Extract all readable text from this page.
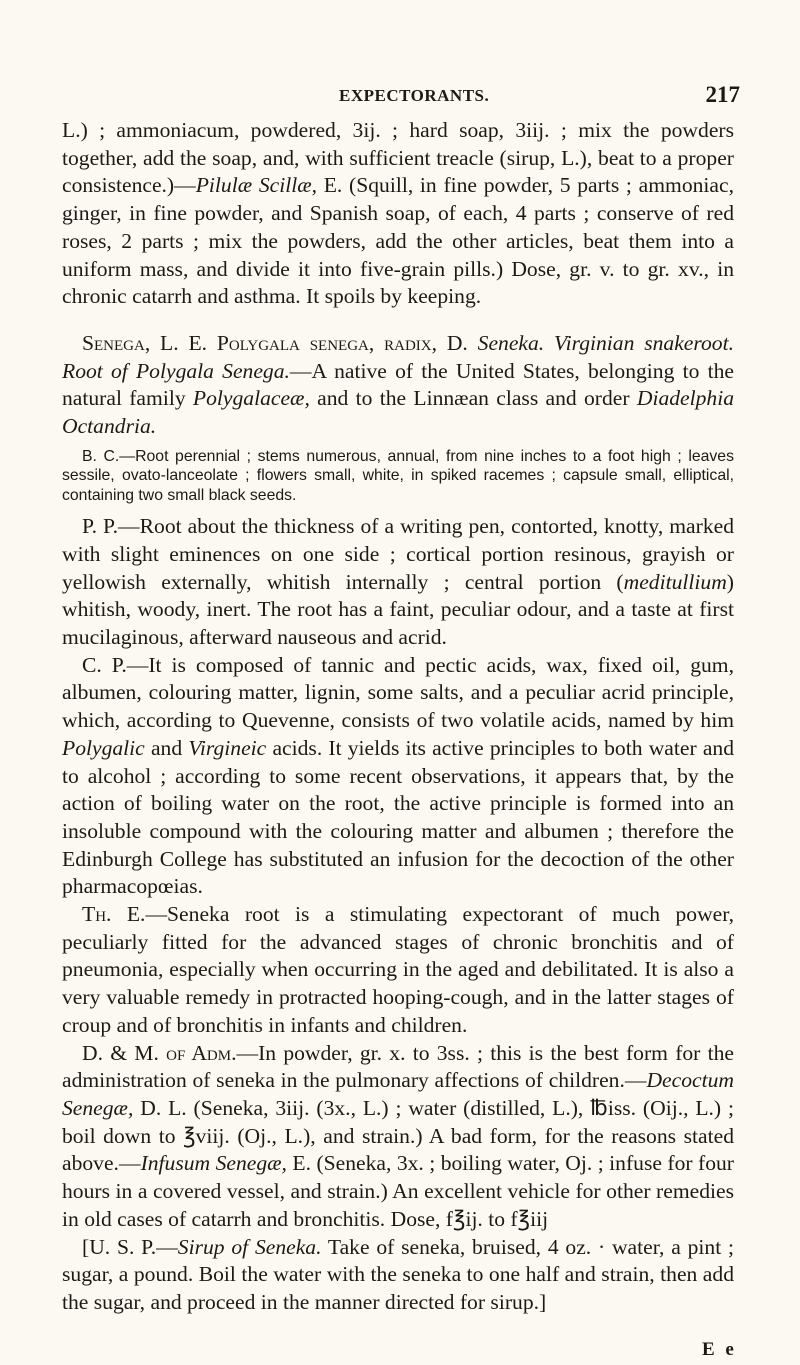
EXPECTORANTS.	217

L.) ; ammoniacum, powdered, 3ij. ; hard soap, 3iij. ; mix the powders together, add the soap, and, with sufficient treacle (sirup, L.), beat to a proper consistence.)—Pilulæ Scillæ, E. (Squill, in fine powder, 5 parts ; ammoniac, ginger, in fine powder, and Spanish soap, of each, 4 parts ; conserve of red roses, 2 parts ; mix the powders, add the other articles, beat them into a uniform mass, and divide it into five-grain pills.) Dose, gr. v. to gr. xv., in chronic catarrh and asthma. It spoils by keeping.

Senega, L. E. Polygala senega, radix, D. Seneka. Virginian snakeroot. Root of Polygala Senega.—A native of the United States, belonging to the natural family Polygalaceæ, and to the Linnæan class and order Diadelphia Octandria.

B. C.—Root perennial ; stems numerous, annual, from nine inches to a foot high ; leaves sessile, ovato-lanceolate ; flowers small, white, in spiked racemes ; capsule small, elliptical, containing two small black seeds.

P. P.—Root about the thickness of a writing pen, contorted, knotty, marked with slight eminences on one side ; cortical portion resinous, grayish or yellowish externally, whitish internally ; central portion (meditullium) whitish, woody, inert. The root has a faint, peculiar odour, and a taste at first mucilaginous, afterward nauseous and acrid.

C. P.—It is composed of tannic and pectic acids, wax, fixed oil, gum, albumen, colouring matter, lignin, some salts, and a peculiar acrid principle, which, according to Quevenne, consists of two volatile acids, named by him Polygalic and Virgineic acids. It yields its active principles to both water and to alcohol ; according to some recent observations, it appears that, by the action of boiling water on the root, the active principle is formed into an insoluble compound with the colouring matter and albumen ; therefore the Edinburgh College has substituted an infusion for the decoction of the other pharmacopœias.

Th. E.—Seneka root is a stimulating expectorant of much power, peculiarly fitted for the advanced stages of chronic bronchitis and of pneumonia, especially when occurring in the aged and debilitated. It is also a very valuable remedy in protracted hooping-cough, and in the latter stages of croup and of bronchitis in infants and children.

D. & M. of Adm.—In powder, gr. x. to 3ss. ; this is the best form for the administration of seneka in the pulmonary affections of children.—Decoctum Senegæ, D. L. (Seneka, 3iij. (3x., L.) ; water (distilled, L.), ℔iss. (Oij., L.) ; boil down to ℥viij. (Oj., L.), and strain.) A bad form, for the reasons stated above.—Infusum Senegæ, E. (Seneka, 3x. ; boiling water, Oj. ; infuse for four hours in a covered vessel, and strain.) An excellent vehicle for other remedies in old cases of catarrh and bronchitis. Dose, f℥ij. to f℥iij

[U. S. P.—Sirup of Seneka. Take of seneka, bruised, 4 oz. · water, a pint ; sugar, a pound. Boil the water with the seneka to one half and strain, then add the sugar, and proceed in the manner directed for sirup.]

E e
